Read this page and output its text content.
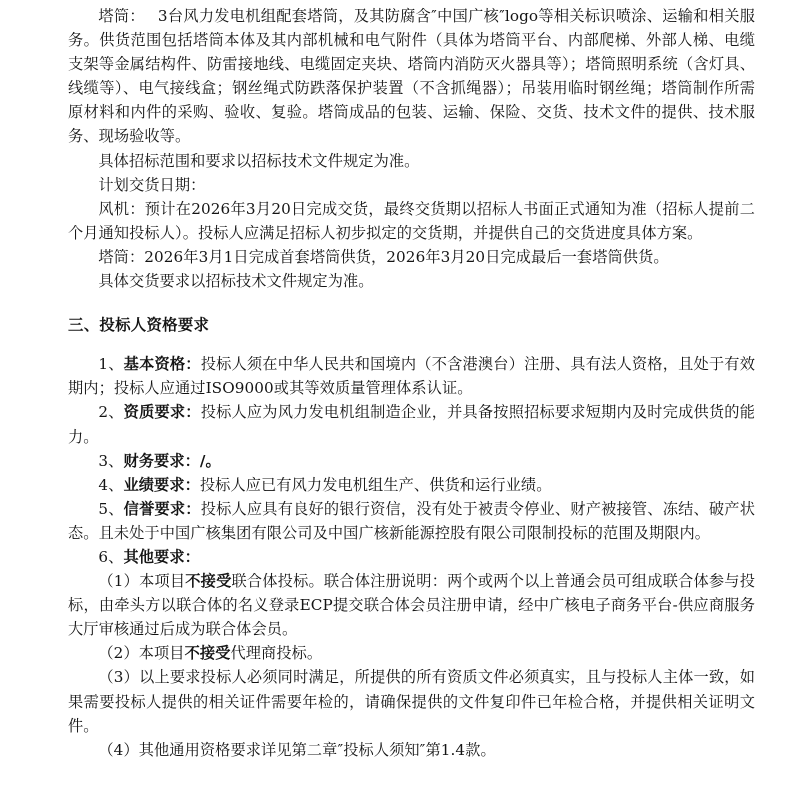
塔筒：　 3台风力发电机组配套塔筒，及其防腐含″中国广核″logo等相关标识喷涂、运输和相关服务。供货范围包括塔筒本体及其内部机械和电气附件（具体为塔筒平台、内部爬梯、外部人梯、电缆支架等金属结构件、防雷接地线、电缆固定夹块、塔筒内消防灭火器具等）；塔筒照明系统（含灯具、线缆等）、电气接线盒；钢丝绳式防跌落保护装置（不含抓绳器）；吊装用临时钢丝绳；塔筒制作所需原材料和内件的采购、验收、复验。塔筒成品的包装、运输、保险、交货、技术文件的提供、技术服务、现场验收等。

具体招标范围和要求以招标技术文件规定为准。

计划交货日期：

风机：预计在2026年3月20日完成交货，最终交货期以招标人书面正式通知为准（招标人提前二个月通知投标人）。投标人应满足招标人初步拟定的交货期，并提供自己的交货进度具体方案。

塔筒：2026年3月1日完成首套塔筒供货，2026年3月20日完成最后一套塔筒供货。

具体交货要求以招标技术文件规定为准。

三、投标人资格要求

1、基本资格：投标人须在中华人民共和国境内（不含港澳台）注册、具有法人资格，且处于有效期内；投标人应通过ISO9000或其等效质量管理体系认证。

2、资质要求：投标人应为风力发电机组制造企业，并具备按照招标要求短期内及时完成供货的能力。

3、财务要求：/。

4、业绩要求：投标人应已有风力发电机组生产、供货和运行业绩。

5、信誉要求：投标人应具有良好的银行资信，没有处于被责令停业、财产被接管、冻结、破产状态。且未处于中国广核集团有限公司及中国广核新能源控股有限公司限制投标的范围及期限内。

6、其他要求：

（1）本项目不接受联合体投标。联合体注册说明：两个或两个以上普通会员可组成联合体参与投标，由牵头方以联合体的名义登录ECP提交联合体会员注册申请，经中广核电子商务平台-供应商服务大厅审核通过后成为联合体会员。

（2）本项目不接受代理商投标。

（3）以上要求投标人必须同时满足，所提供的所有资质文件必须真实，且与投标人主体一致，如果需要投标人提供的相关证件需要年检的，请确保提供的文件复印件已年检合格，并提供相关证明文件。

（4）其他通用资格要求详见第二章″投标人须知″第1.4款。
